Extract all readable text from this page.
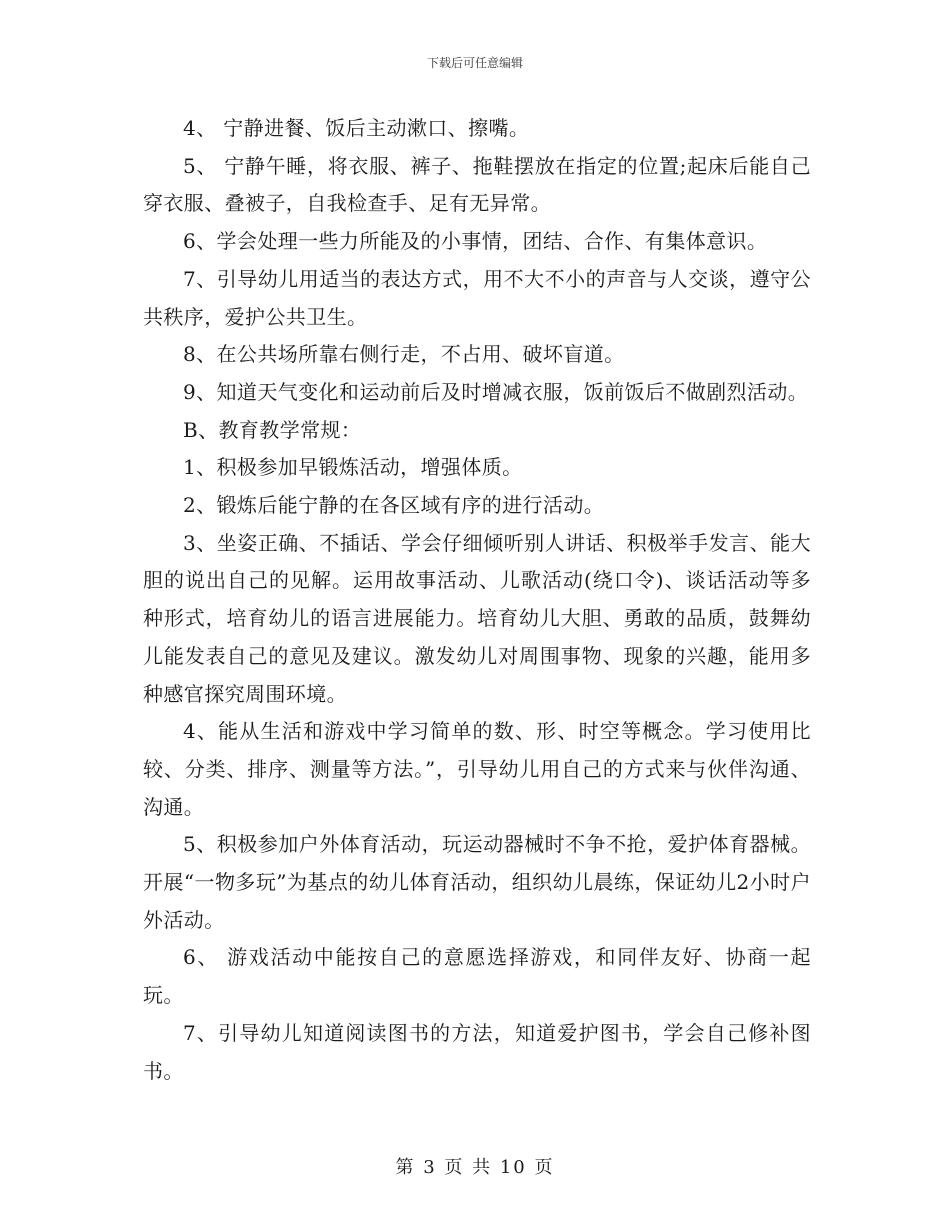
下载后可任意编辑

4、 宁静进餐、饭后主动漱口、擦嘴。

5、 宁静午睡，将衣服、裤子、拖鞋摆放在指定的位置;起床后能自己穿衣服、叠被子，自我检查手、足有无异常。

6、学会处理一些力所能及的小事情，团结、合作、有集体意识。

7、引导幼儿用适当的表达方式，用不大不小的声音与人交谈，遵守公共秩序，爱护公共卫生。

8、在公共场所靠右侧行走，不占用、破坏盲道。

9、知道天气变化和运动前后及时增减衣服，饭前饭后不做剧烈活动。

B、教育教学常规：

1、积极参加早锻炼活动，增强体质。

2、锻炼后能宁静的在各区域有序的进行活动。

3、坐姿正确、不插话、学会仔细倾听别人讲话、积极举手发言、能大胆的说出自己的见解。运用故事活动、儿歌活动(绕口令)、谈话活动等多种形式，培育幼儿的语言进展能力。培育幼儿大胆、勇敢的品质，鼓舞幼儿能发表自己的意见及建议。激发幼儿对周围事物、现象的兴趣，能用多种感官探究周围环境。

4、能从生活和游戏中学习简单的数、形、时空等概念。学习使用比较、分类、排序、测量等方法。”，引导幼儿用自己的方式来与伙伴沟通、沟通。

5、积极参加户外体育活动，玩运动器械时不争不抢，爱护体育器械。开展“一物多玩”为基点的幼儿体育活动，组织幼儿晨练，保证幼儿2小时户外活动。

6、 游戏活动中能按自己的意愿选择游戏，和同伴友好、协商一起玩。

7、引导幼儿知道阅读图书的方法，知道爱护图书，学会自己修补图书。

第 3 页 共 10 页
